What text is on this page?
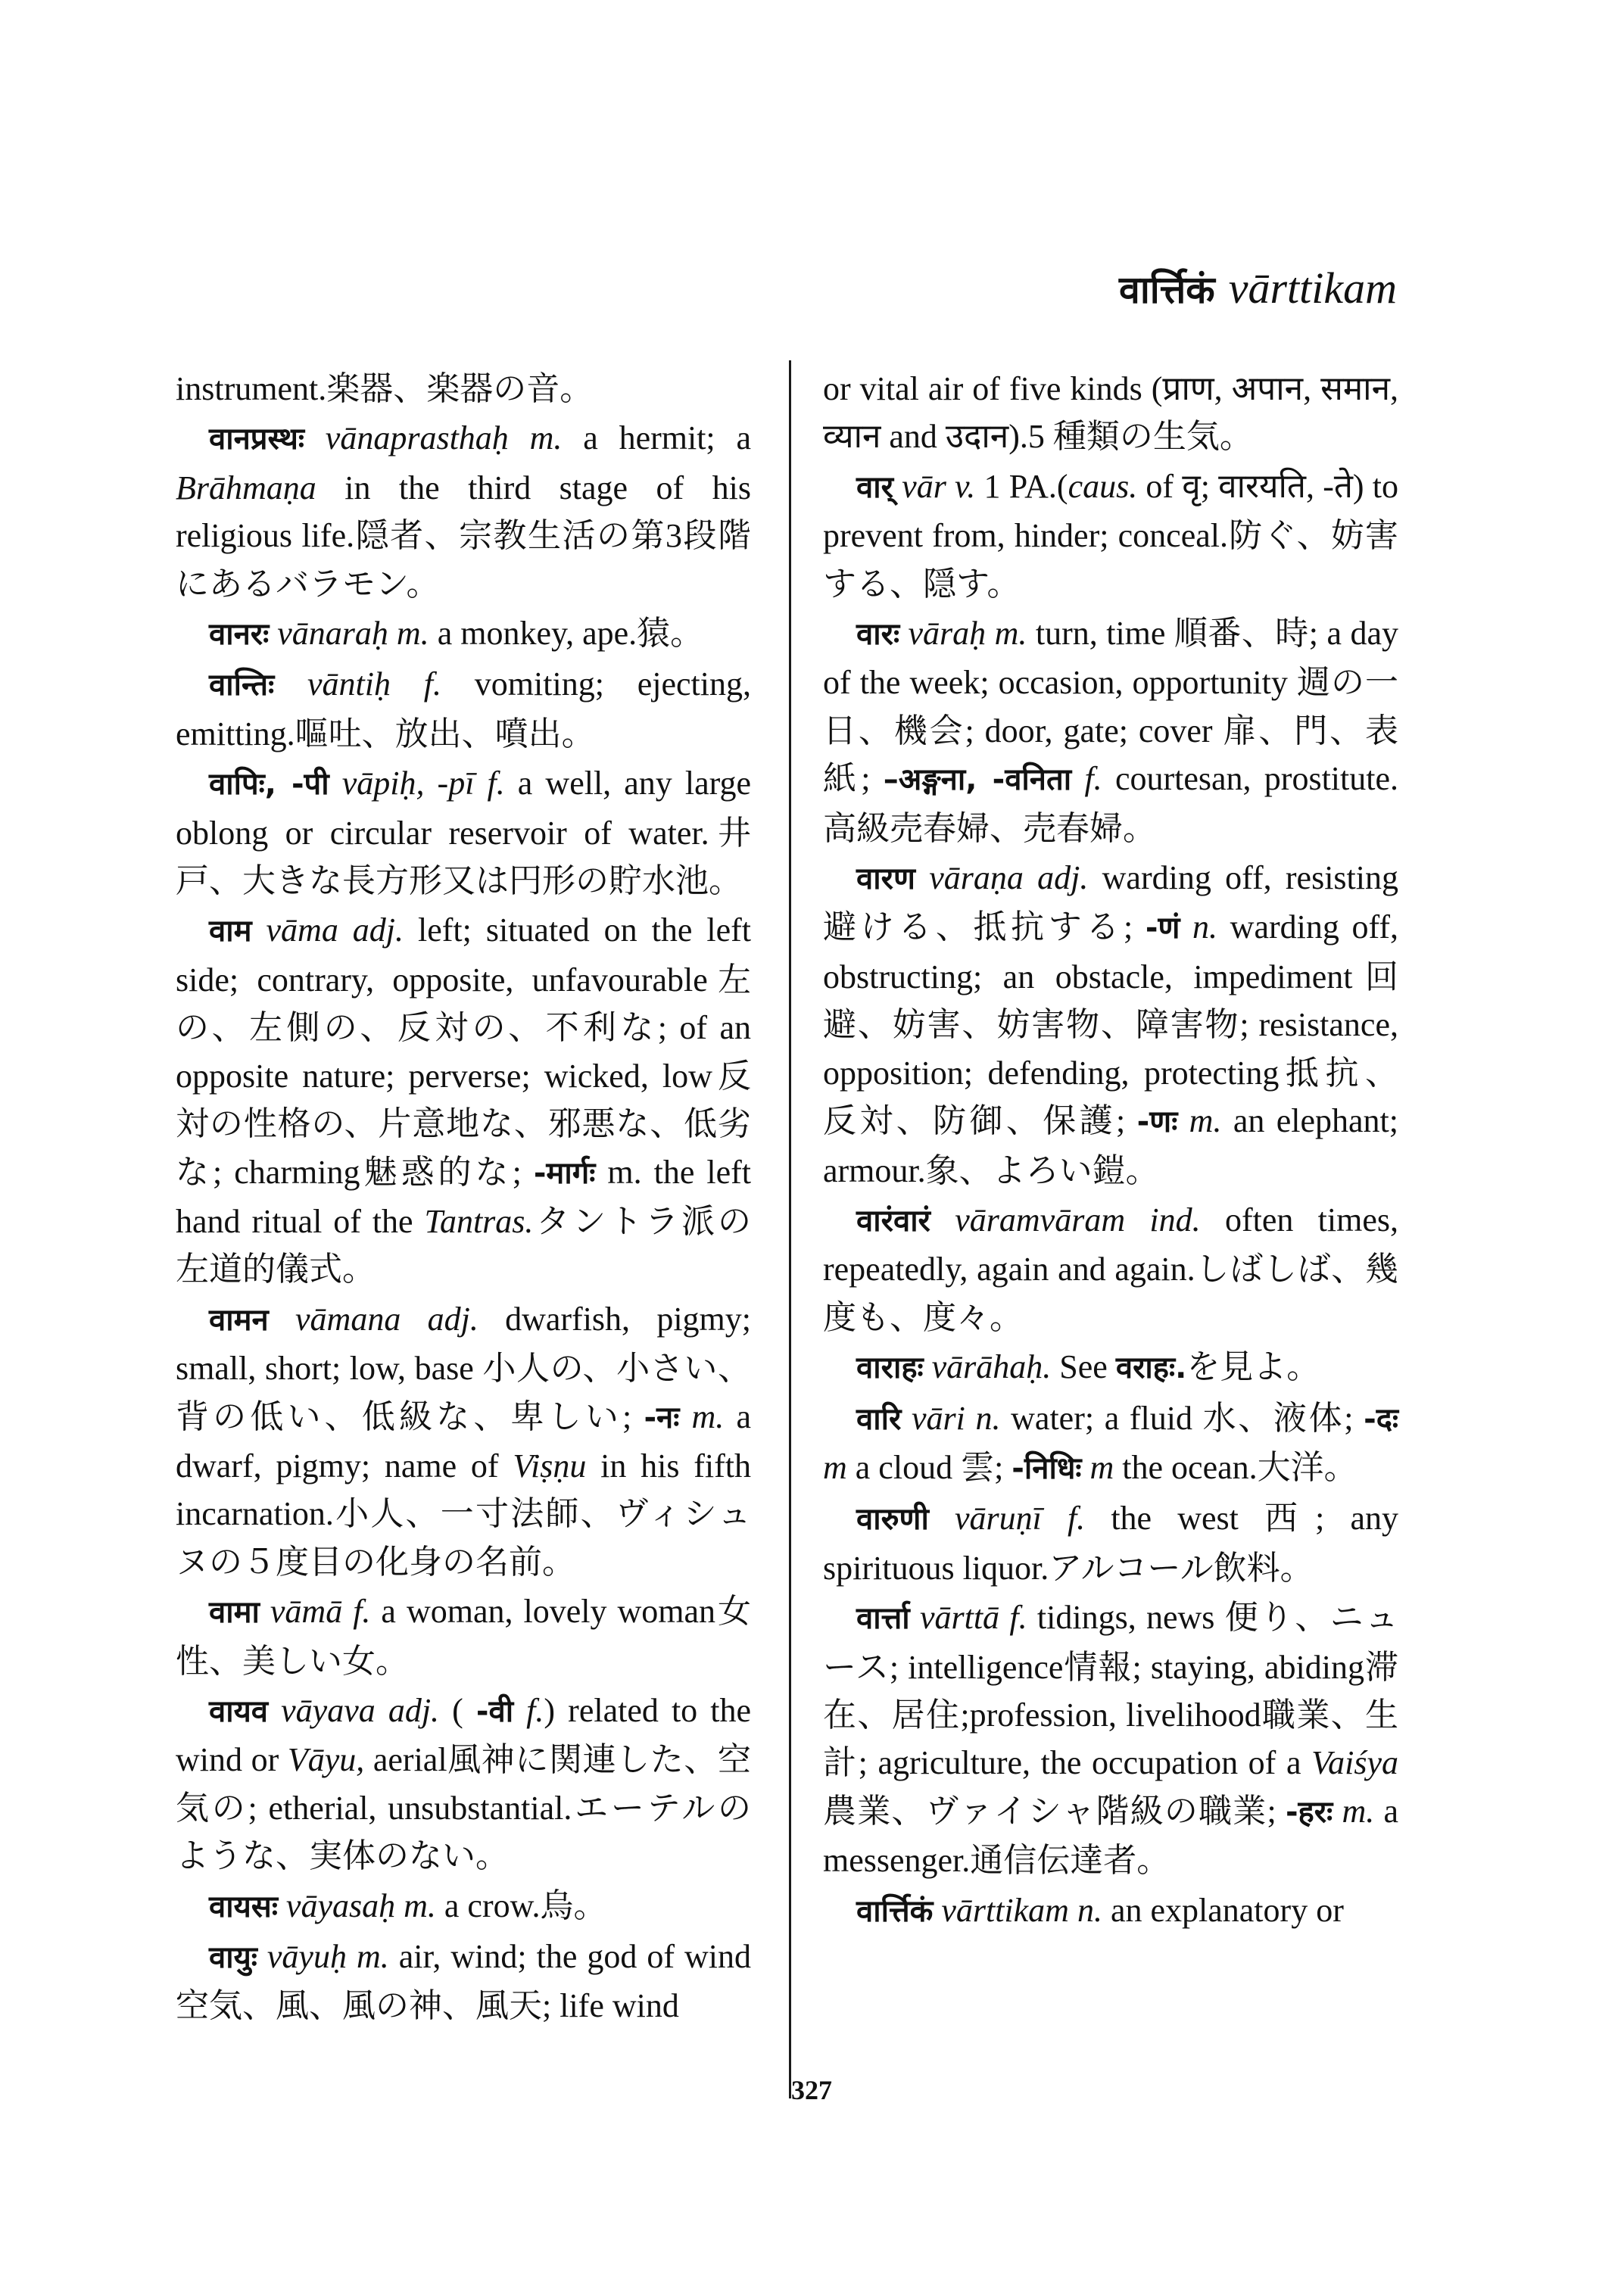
वार्त्तिकं vārttikam

instrument.楽器、楽器の音。

वानप्रस्थः vānaprasthaḥ m. a hermit; a Brāhmaṇa in the third stage of his religious life.隠者、宗教生活の第3段階にあるバラモン。

वानरः vānaraḥ m. a monkey, ape.猿。

वान्तिः vāntiḥ f. vomiting; ejecting, emitting.嘔吐、放出、噴出。

वापिः, -पी vāpiḥ, -pī f. a well, any large oblong or circular reservoir of water.井戸、大きな長方形又は円形の貯水池。

वाम vāma adj. left; situated on the left side; contrary, opposite, unfavourable左の、左側の、反対の、不利な; of an opposite nature; perverse; wicked, low反対の性格の、片意地な、邪悪な、低劣な; charming魅惑的な; -मार्गः m. the left hand ritual of the Tantras.タントラ派の左道的儀式。

वामन vāmana adj. dwarfish, pigmy; small, short; low, base 小人の、小さい、背の低い、低級な、卑しい; -नः m. a dwarf, pigmy; name of Viṣṇu in his fifth incarnation.小人、一寸法師、ヴィシュヌの５度目の化身の名前。

वामा vāmā f. a woman, lovely woman女性、美しい女。

वायव vāyava adj. ( -वी f.) related to the wind or Vāyu, aerial風神に関連した、空気の; etherial, unsubstantial.エーテルのような、実体のない。

वायसः vāyasaḥ m. a crow.烏。

वायुः vāyuḥ m. air, wind; the god of wind 空気、風、風の神、風天; life wind

or vital air of five kinds (प्राण, अपान, समान, व्यान and उदान).5 種類の生気。

वार् vār v. 1 PA.(caus. of वृ; वारयति, -ते) to prevent from, hinder; conceal.防ぐ、妨害する、隠す。

वारः vāraḥ m. turn, time 順番、時; a day of the week; occasion, opportunity 週の一日、機会; door, gate; cover 扉、門、表紙; –अङ्गना, -वनिता f. courtesan, prostitute.高級売春婦、売春婦。

वारण vāraṇa adj. warding off, resisting避ける、抵抗する; -णं n. warding off, obstructing; an obstacle, impediment回避、妨害、妨害物、障害物; resistance, opposition; defending, protecting抵抗、反対、防御、保護; -णः m. an elephant; armour.象、よろい鎧。

वारंवारं vāramvāram ind. often times, repeatedly, again and again.しばしば、幾度も、度々。

वाराहः vārāhaḥ. See वराहः.を見よ。

वारि vāri n. water; a fluid 水、液体; -दः m a cloud 雲; -निधिः m the ocean.大洋。

वारुणी vāruṇī f. the west 西; any spirituous liquor.アルコール飲料。

वार्त्ता vārttā f. tidings, news 便り、ニュース; intelligence情報; staying, abiding滞在、居住;profession, livelihood職業、生計; agriculture, the occupation of a Vaiśya 農業、ヴァイシャ階級の職業; -हरः m. a messenger.通信伝達者。

वार्त्तिकं vārttikam n. an explanatory or

327
